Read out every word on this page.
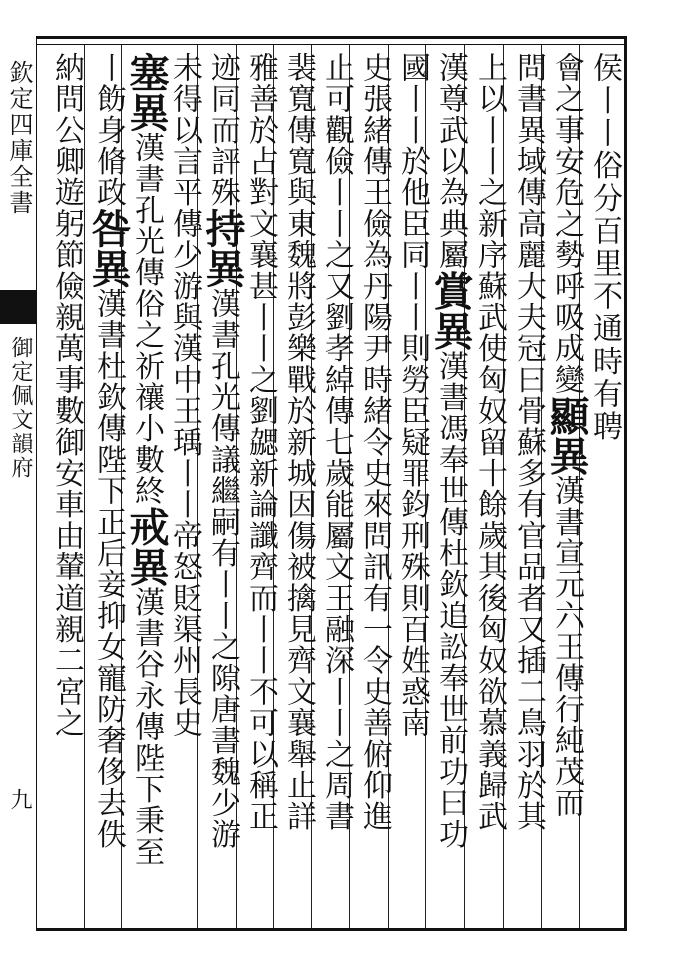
欽定四庫全書
御定佩文韻府
九
侯丨丨俗分百里不通時有聘
會之事安危之勢呼吸成變顯異漢書宣元六王傳行純茂而
問書異域傳高麗大夫冠曰骨蘇多有官品者又插二鳥羽於其
上以丨丨之新序蘇武使匈奴留十餘歲其後匈奴欲慕義歸武
漢尊武以為典屬賞異漢書馮奉世傳杜欽追訟奉世前功曰功
國丨丨於他臣同丨丨則勞臣疑罪鈞刑殊則百姓惑南
史張緒傳王儉為丹陽尹時緒令史來問訊有一令史善俯仰進
止可觀儉丨丨之又劉孝綽傳七歲能屬文王融深丨丨之周書
裴寬傳寬與東魏將彭樂戰於新城因傷被擒見齊文襄舉止詳
雅善於占對文襄甚丨丨之劉勰新論讖齊而丨丨不可以稱正
迹同而評殊持異漢書孔光傳議繼嗣有丨丨之隙唐書魏少游
未得以言平傳少游與漢中王瑀丨丨帝怒貶渠州長史
塞異漢書孔光傳俗之祈禳小數終戒異漢書谷永傳陛下秉至
丨飭身脩政咎異漢書杜欽傳陛下正后妾抑女寵防奢侈去佚
納問公卿遊躬節儉親萬事數御安車由輦道親二宮之
